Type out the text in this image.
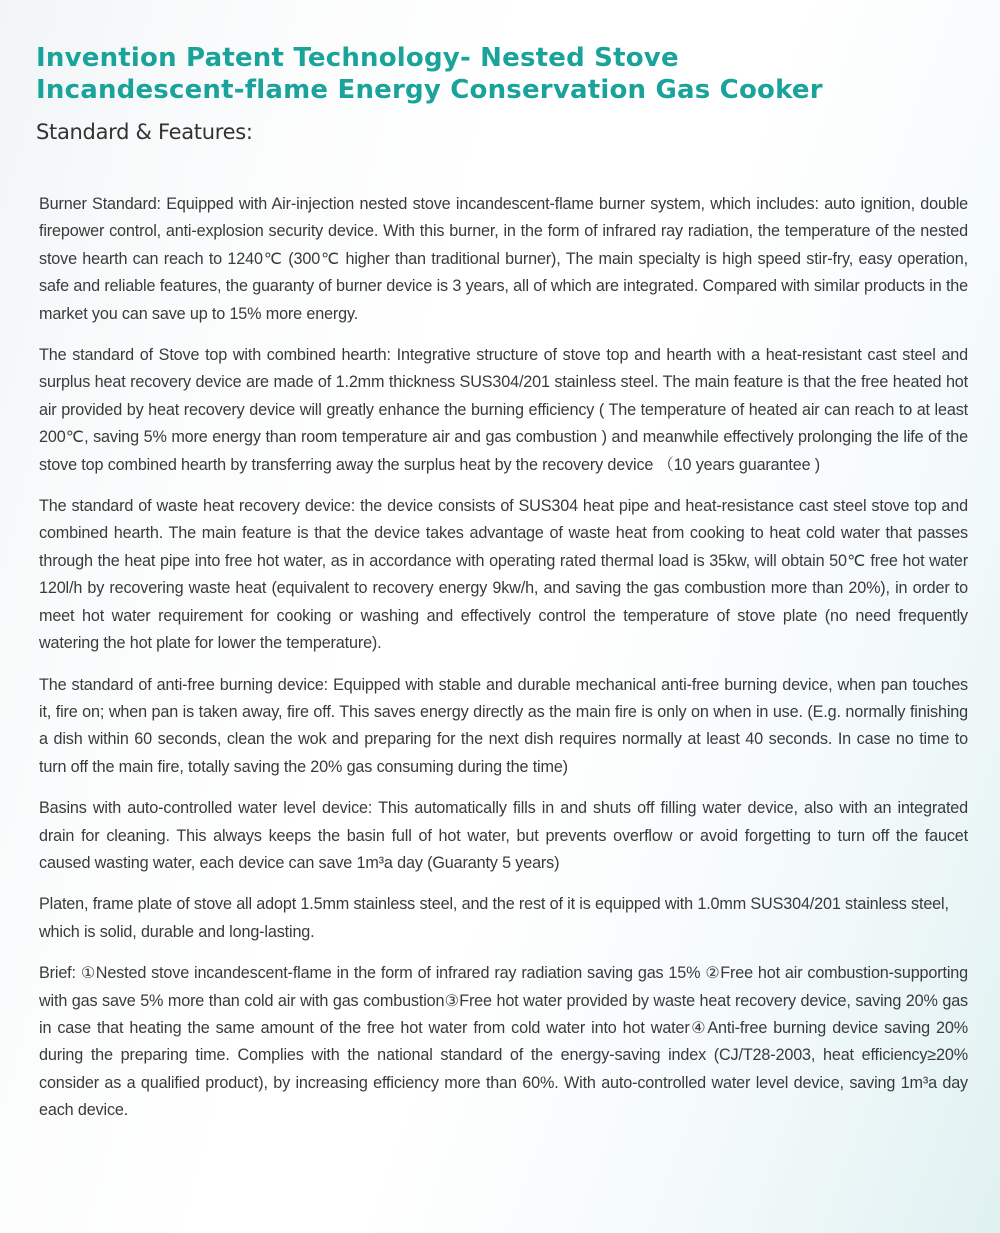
Invention Patent Technology- Nested Stove
Incandescent-flame Energy Conservation Gas Cooker
Standard & Features:

Burner Standard: Equipped with Air-injection nested stove incandescent-flame burner system, which includes: auto ignition, double firepower control, anti-explosion security device. With this burner, in the form of infrared ray radiation, the temperature of the nested stove hearth can reach to 1240℃ (300℃ higher than traditional burner), The main specialty is high speed stir-fry, easy operation, safe and reliable features, the guaranty of burner device is 3 years, all of which are integrated. Compared with similar products in the market you can save up to 15% more energy.

The standard of Stove top with combined hearth: Integrative structure of stove top and hearth with a heat-resistant cast steel and surplus heat recovery device are made of 1.2mm thickness SUS304/201 stainless steel. The main feature is that the free heated hot air provided by heat recovery device will greatly enhance the burning efficiency ( The temperature of heated air can reach to at least 200℃, saving 5% more energy than room temperature air and gas combustion ) and meanwhile effectively prolonging the life of the stove top combined hearth by transferring away the surplus heat by the recovery device （10 years guarantee )

The standard of waste heat recovery device: the device consists of SUS304 heat pipe and heat-resistance cast steel stove top and combined hearth. The main feature is that the device takes advantage of waste heat from cooking to heat cold water that passes through the heat pipe into free hot water, as in accordance with operating rated thermal load is 35kw, will obtain 50℃ free hot water 120l/h by recovering waste heat (equivalent to recovery energy 9kw/h, and saving the gas combustion more than 20%), in order to meet hot water requirement for cooking or washing and effectively control the temperature of stove plate (no need frequently watering the hot plate for lower the temperature).

The standard of anti-free burning device: Equipped with stable and durable mechanical anti-free burning device, when pan touches it, fire on; when pan is taken away, fire off. This saves energy directly as the main fire is only on when in use. (E.g. normally finishing a dish within 60 seconds, clean the wok and preparing for the next dish requires normally at least 40 seconds. In case no time to turn off the main fire, totally saving the 20% gas consuming during the time)

Basins with auto-controlled water level device: This automatically fills in and shuts off filling water device, also with an integrated drain for cleaning. This always keeps the basin full of hot water, but prevents overflow or avoid forgetting to turn off the faucet caused wasting water, each device can save 1m³a day (Guaranty 5 years)

Platen, frame plate of stove all adopt 1.5mm stainless steel, and the rest of it is equipped with 1.0mm SUS304/201 stainless steel, which is solid, durable and long-lasting.

Brief: ①Nested stove incandescent-flame in the form of infrared ray radiation saving gas 15% ②Free hot air combustion-supporting with gas save 5% more than cold air with gas combustion③Free hot water provided by waste heat recovery device, saving 20% gas in case that heating the same amount of the free hot water from cold water into hot water④Anti-free burning device saving 20% during the preparing time. Complies with the national standard of the energy-saving index (CJ/T28-2003, heat efficiency≥20% consider as a qualified product), by increasing efficiency more than 60%. With auto-controlled water level device, saving 1m³a day each device.
